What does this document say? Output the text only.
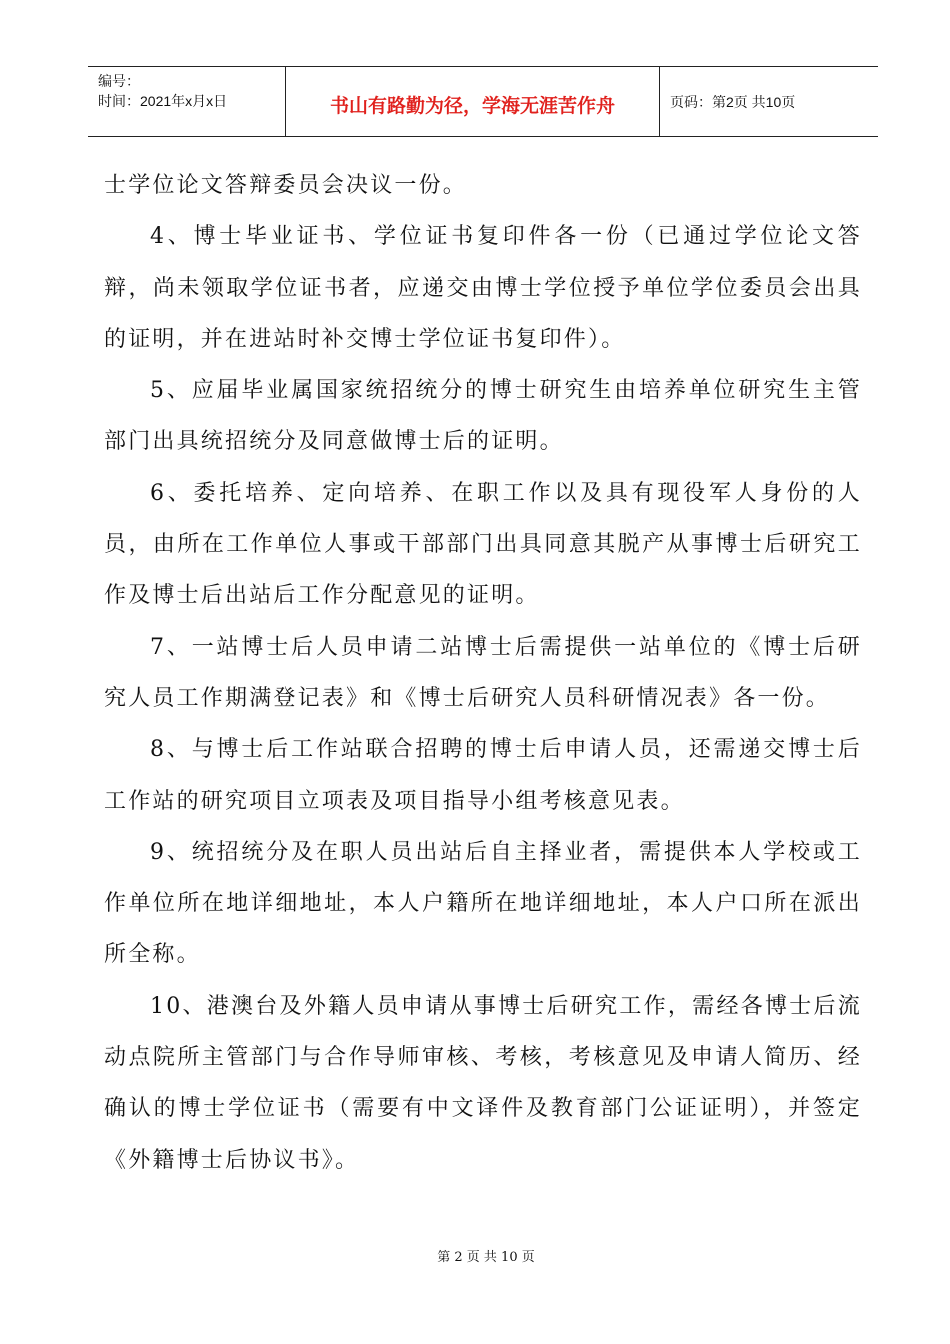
编号：
时间：2021年x月x日	书山有路勤为径，学海无涯苦作舟	页码：第2页 共10页

士学位论文答辩委员会决议一份。

4、博士毕业证书、学位证书复印件各一份（已通过学位论文答辩，尚未领取学位证书者，应递交由博士学位授予单位学位委员会出具的证明，并在进站时补交博士学位证书复印件）。

5、应届毕业属国家统招统分的博士研究生由培养单位研究生主管部门出具统招统分及同意做博士后的证明。

6、委托培养、定向培养、在职工作以及具有现役军人身份的人员，由所在工作单位人事或干部部门出具同意其脱产从事博士后研究工作及博士后出站后工作分配意见的证明。

7、一站博士后人员申请二站博士后需提供一站单位的《博士后研究人员工作期满登记表》和《博士后研究人员科研情况表》各一份。

8、与博士后工作站联合招聘的博士后申请人员，还需递交博士后工作站的研究项目立项表及项目指导小组考核意见表。

9、统招统分及在职人员出站后自主择业者，需提供本人学校或工作单位所在地详细地址，本人户籍所在地详细地址，本人户口所在派出所全称。

10、港澳台及外籍人员申请从事博士后研究工作，需经各博士后流动点院所主管部门与合作导师审核、考核，考核意见及申请人简历、经确认的博士学位证书（需要有中文译件及教育部门公证证明），并签定《外籍博士后协议书》。

第 2 页 共 10 页
